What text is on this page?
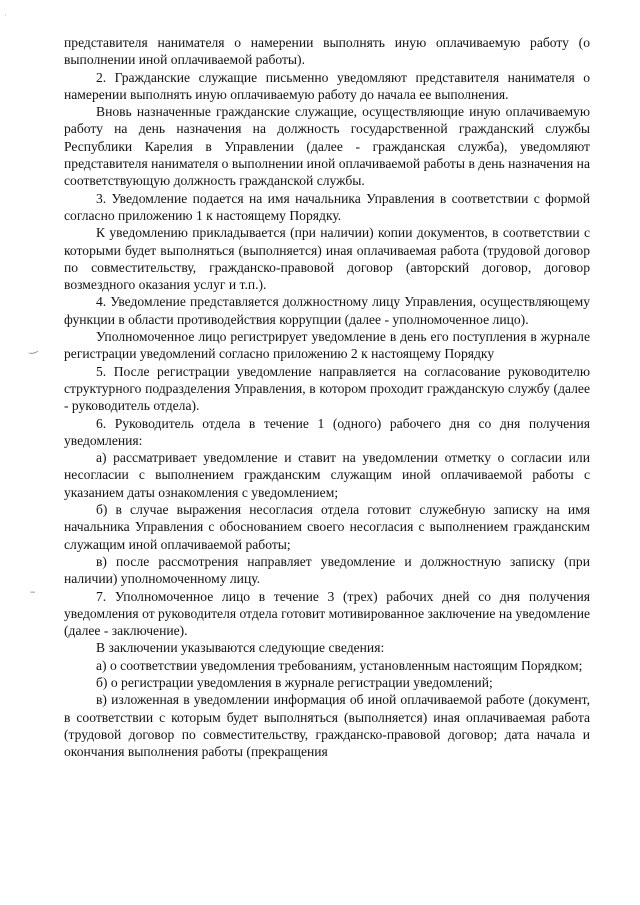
·
‿
–

представителя нанимателя о намерении выполнять иную оплачиваемую работу (о выполнении иной оплачиваемой работы).

2. Гражданские служащие письменно уведомляют представителя нанимателя о намерении выполнять иную оплачиваемую работу до начала ее выполнения.

Вновь назначенные гражданские служащие, осуществляющие иную оплачиваемую работу на день назначения на должность государственной гражданский службы Республики Карелия в Управлении (далее - гражданская служба), уведомляют представителя нанимателя о выполнении иной оплачиваемой работы в день назначения на соответствующую должность гражданской службы.

3. Уведомление подается на имя начальника Управления в соответствии с формой согласно приложению 1 к настоящему Порядку.

К уведомлению прикладывается (при наличии) копии документов, в соответствии с которыми будет выполняться (выполняется) иная оплачиваемая работа (трудовой договор по совместительству, гражданско-правовой договор (авторский договор, договор возмездного оказания услуг и т.п.).

4. Уведомление представляется должностному лицу Управления, осуществляющему функции в области противодействия коррупции (далее - уполномоченное лицо).

Уполномоченное лицо регистрирует уведомление в день его поступления в журнале регистрации уведомлений согласно приложению 2 к настоящему Порядку

5. После регистрации уведомление направляется на согласование руководителю структурного подразделения Управления, в котором проходит гражданскую службу (далее - руководитель отдела).

6. Руководитель отдела в течение 1 (одного) рабочего дня со дня получения уведомления:

а) рассматривает уведомление и ставит на уведомлении отметку о согласии или несогласии с выполнением гражданским служащим иной оплачиваемой работы с указанием даты ознакомления с уведомлением;

б) в случае выражения несогласия отдела готовит служебную записку на имя начальника Управления с обоснованием своего несогласия с выполнением гражданским служащим иной оплачиваемой работы;

в) после рассмотрения направляет уведомление и должностную записку (при наличии) уполномоченному лицу.

7. Уполномоченное лицо в течение 3 (трех) рабочих дней со дня получения уведомления от руководителя отдела готовит мотивированное заключение на уведомление (далее - заключение).

В заключении указываются следующие сведения:

а) о соответствии уведомления требованиям, установленным настоящим Порядком;

б) о регистрации уведомления в журнале регистрации уведомлений;

в) изложенная в уведомлении информация об иной оплачиваемой работе (документ, в соответствии с которым будет выполняться (выполняется) иная оплачиваемая работа (трудовой договор по совместительству, гражданско-правовой договор; дата начала и окончания выполнения работы (прекращения
